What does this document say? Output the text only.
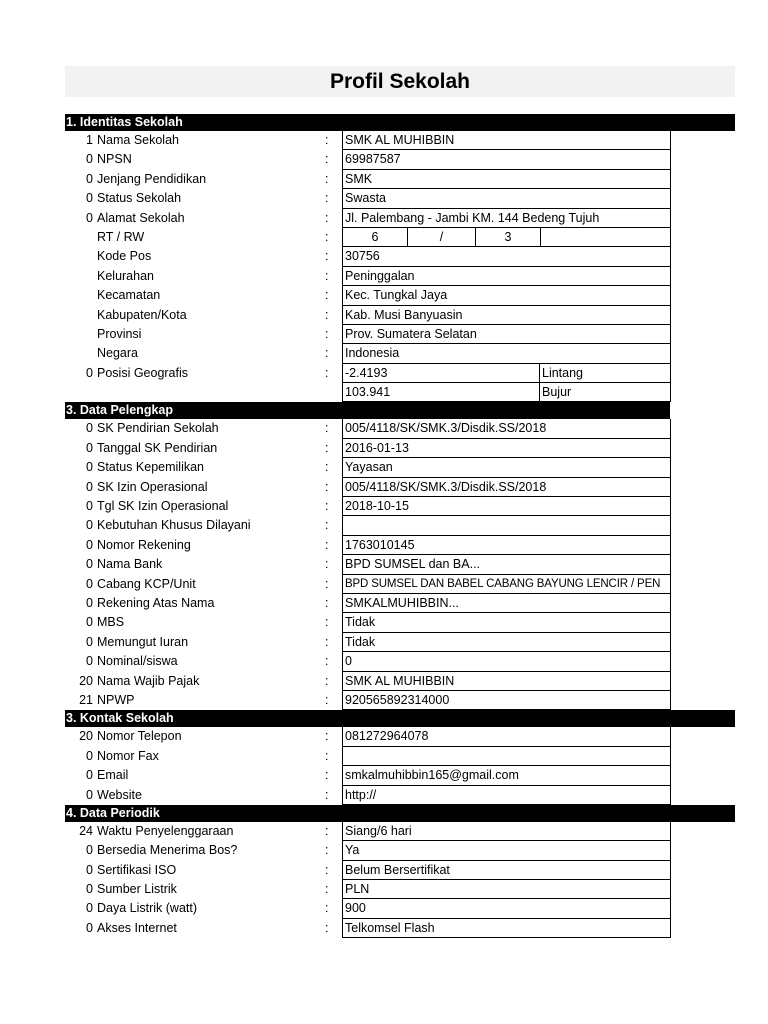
Profil Sekolah
1. Identitas Sekolah
1 Nama Sekolah	: SMK AL MUHIBBIN
0 NPSN	: 69987587
0 Jenjang Pendidikan	: SMK
0 Status Sekolah	: Swasta
0 Alamat Sekolah	: Jl. Palembang - Jambi KM. 144 Bedeng Tujuh
RT / RW	:	6	/	3
Kode Pos	: 30756
Kelurahan	: Peninggalan
Kecamatan	: Kec. Tungkal Jaya
Kabupaten/Kota	: Kab. Musi Banyuasin
Provinsi	: Prov. Sumatera Selatan
Negara	: Indonesia
0 Posisi Geografis	: -2.4193	Lintang
103.941	Bujur
3. Data Pelengkap
0 SK Pendirian Sekolah	: 005/4118/SK/SMK.3/Disdik.SS/2018
0 Tanggal SK Pendirian	: 2016-01-13
0 Status Kepemilikan	: Yayasan
0 SK Izin Operasional	: 005/4118/SK/SMK.3/Disdik.SS/2018
0 Tgl SK Izin Operasional	: 2018-10-15
0 Kebutuhan Khusus Dilayani	:
0 Nomor Rekening	: 1763010145
0 Nama Bank	: BPD SUMSEL dan BA...
0 Cabang KCP/Unit	: BPD SUMSEL DAN BABEL CABANG BAYUNG LENCIR / PEN
0 Rekening Atas Nama	: SMKALMUHIBBIN...
0 MBS	: Tidak
0 Memungut Iuran	: Tidak
0 Nominal/siswa	: 0
20 Nama Wajib Pajak	: SMK AL MUHIBBIN
21 NPWP	: 920565892314000
3. Kontak Sekolah
20 Nomor Telepon	: 081272964078
0 Nomor Fax	:
0 Email	: smkalmuhibbin165@gmail.com
0 Website	: http://
4. Data Periodik
24 Waktu Penyelenggaraan	: Siang/6 hari
0 Bersedia Menerima Bos?	: Ya
0 Sertifikasi ISO	: Belum Bersertifikat
0 Sumber Listrik	: PLN
0 Daya Listrik (watt)	: 900
0 Akses Internet	: Telkomsel Flash
